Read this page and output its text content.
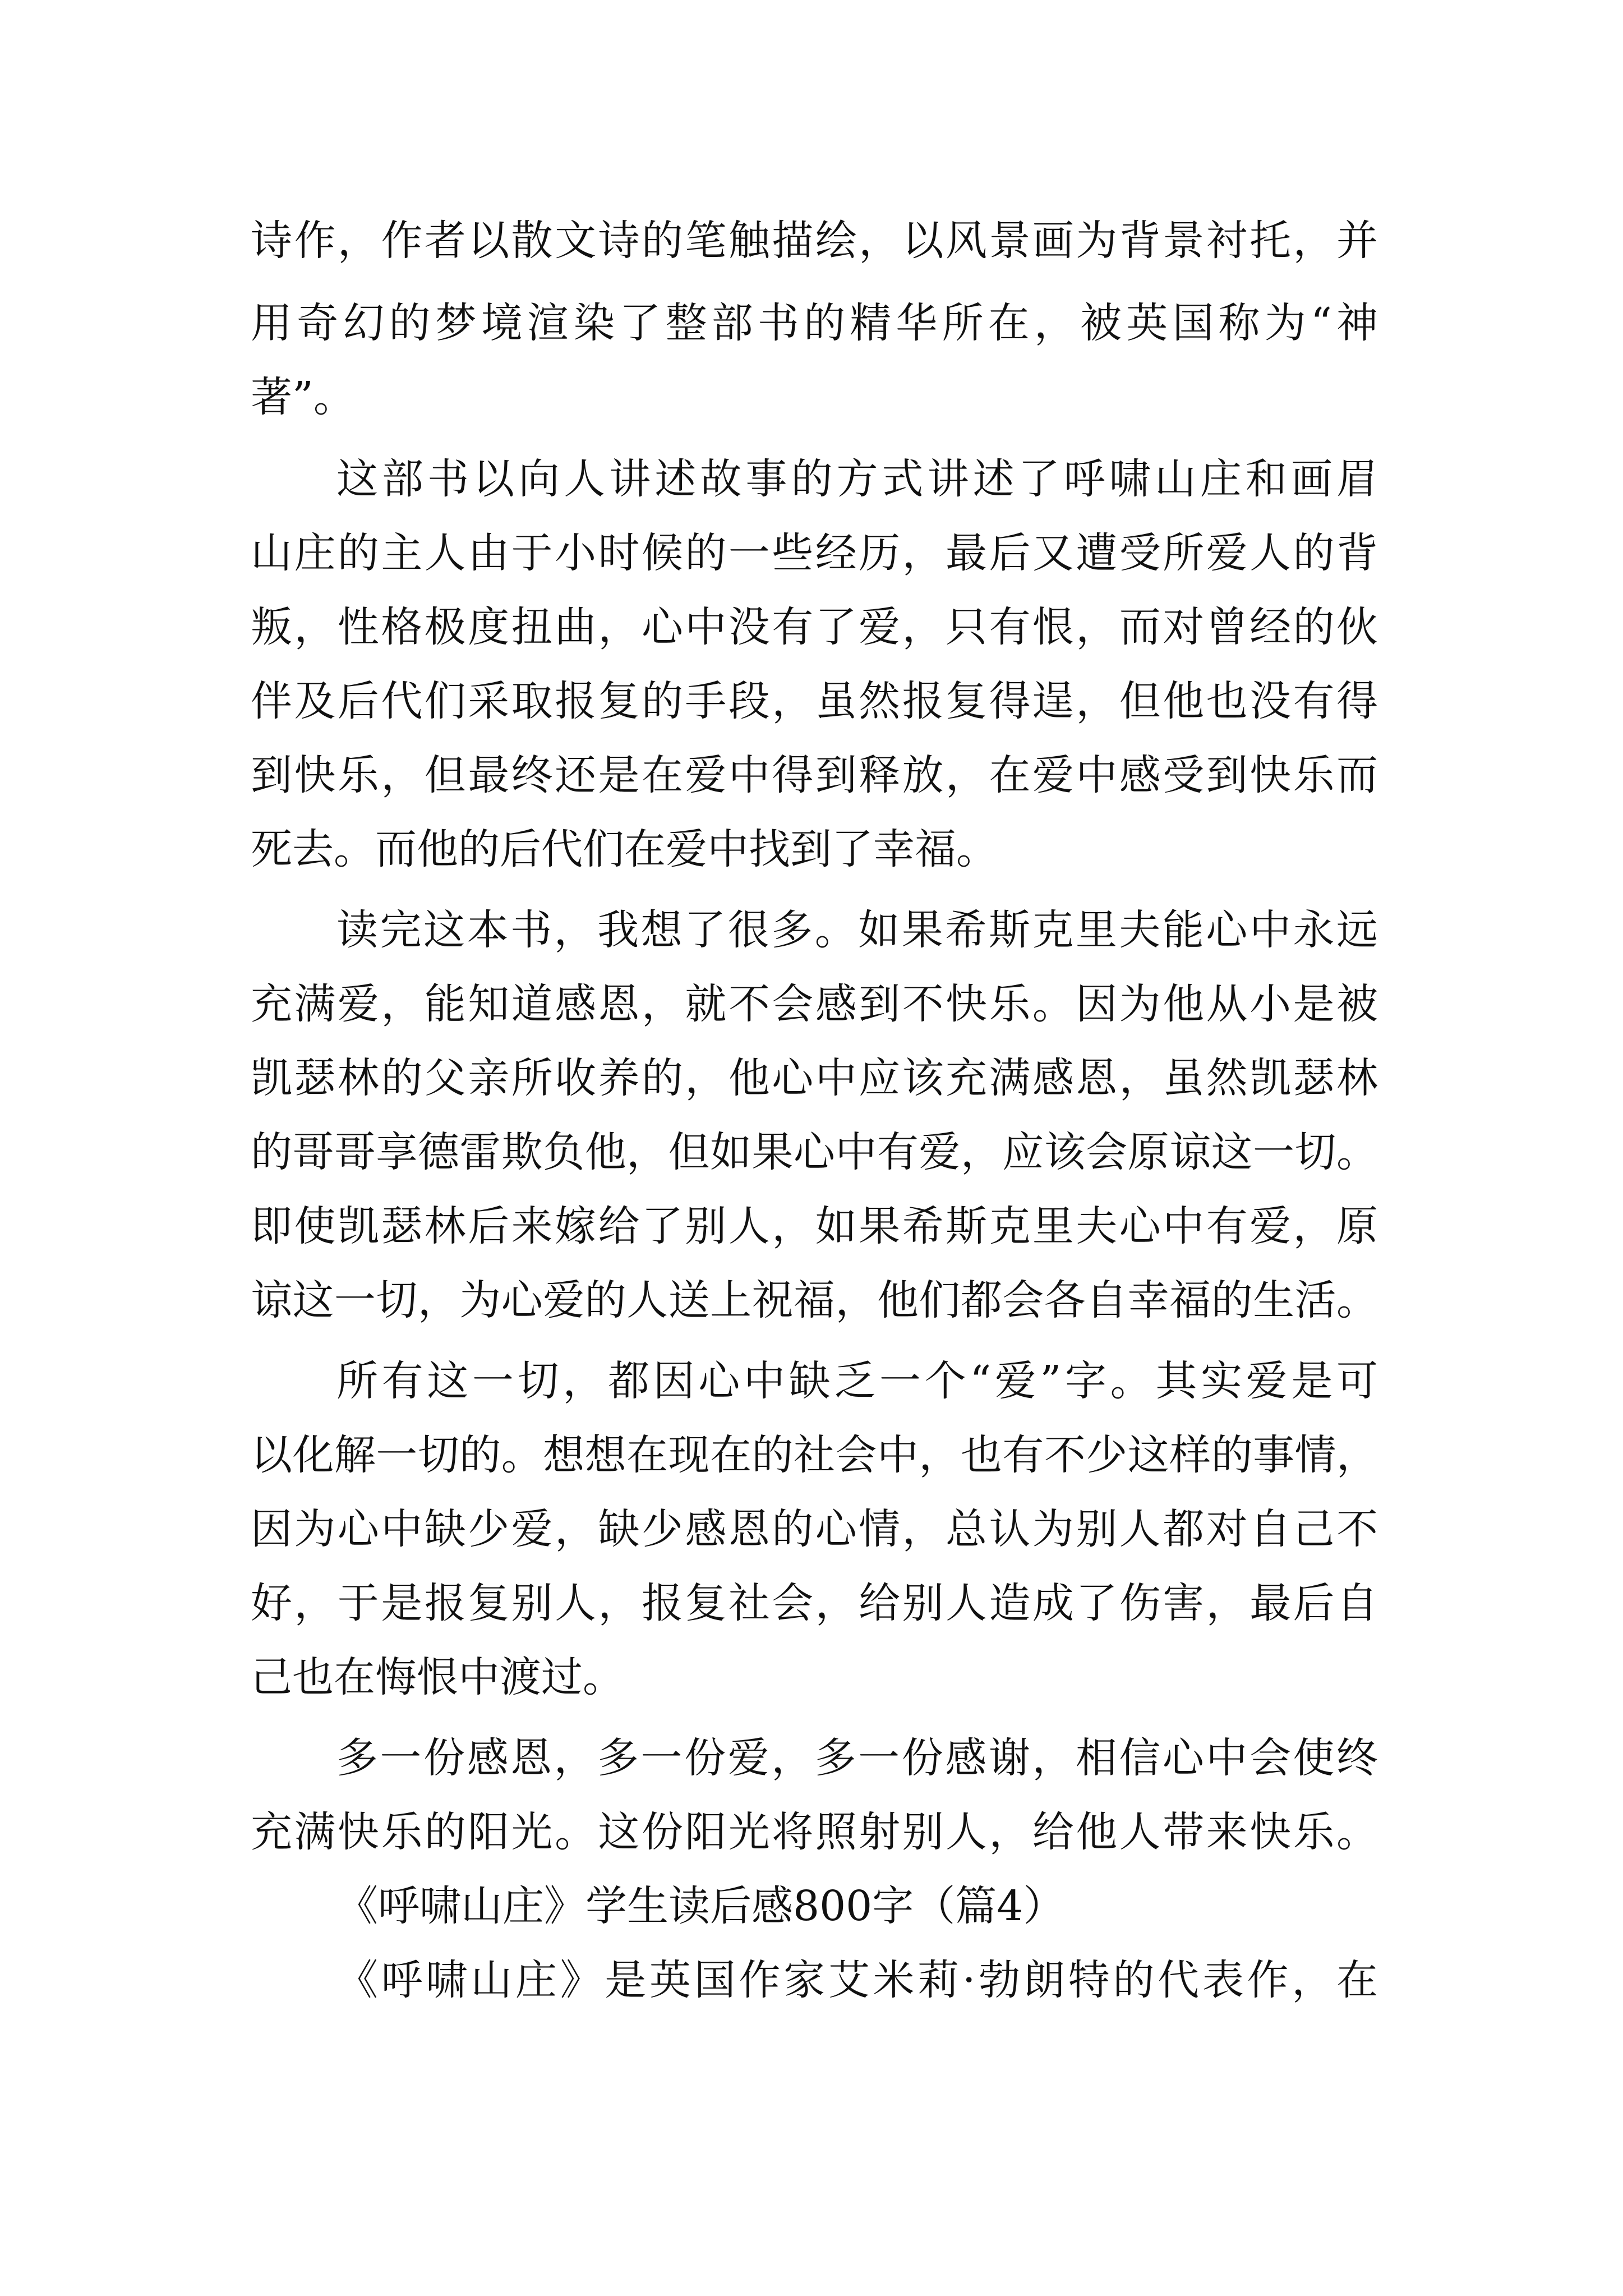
诗作，作者以散文诗的笔触描绘，以风景画为背景衬托，并
用奇幻的梦境渲染了整部书的精华所在，被英国称为“神
著”。
这部书以向人讲述故事的方式讲述了呼啸山庄和画眉
山庄的主人由于小时候的一些经历，最后又遭受所爱人的背
叛，性格极度扭曲，心中没有了爱，只有恨，而对曾经的伙
伴及后代们采取报复的手段，虽然报复得逞，但他也没有得
到快乐，但最终还是在爱中得到释放，在爱中感受到快乐而
死去。而他的后代们在爱中找到了幸福。
读完这本书，我想了很多。如果希斯克里夫能心中永远
充满爱，能知道感恩，就不会感到不快乐。因为他从小是被
凯瑟林的父亲所收养的，他心中应该充满感恩，虽然凯瑟林
的哥哥享德雷欺负他，但如果心中有爱，应该会原谅这一切。
即使凯瑟林后来嫁给了别人，如果希斯克里夫心中有爱，原
谅这一切，为心爱的人送上祝福，他们都会各自幸福的生活。
所有这一切，都因心中缺乏一个“爱”字。其实爱是可
以化解一切的。想想在现在的社会中，也有不少这样的事情，
因为心中缺少爱，缺少感恩的心情，总认为别人都对自己不
好，于是报复别人，报复社会，给别人造成了伤害，最后自
己也在悔恨中渡过。
多一份感恩，多一份爱，多一份感谢，相信心中会使终
充满快乐的阳光。这份阳光将照射别人，给他人带来快乐。
《呼啸山庄》学生读后感800字（篇4）
《呼啸山庄》是英国作家艾米莉·勃朗特的代表作，在
